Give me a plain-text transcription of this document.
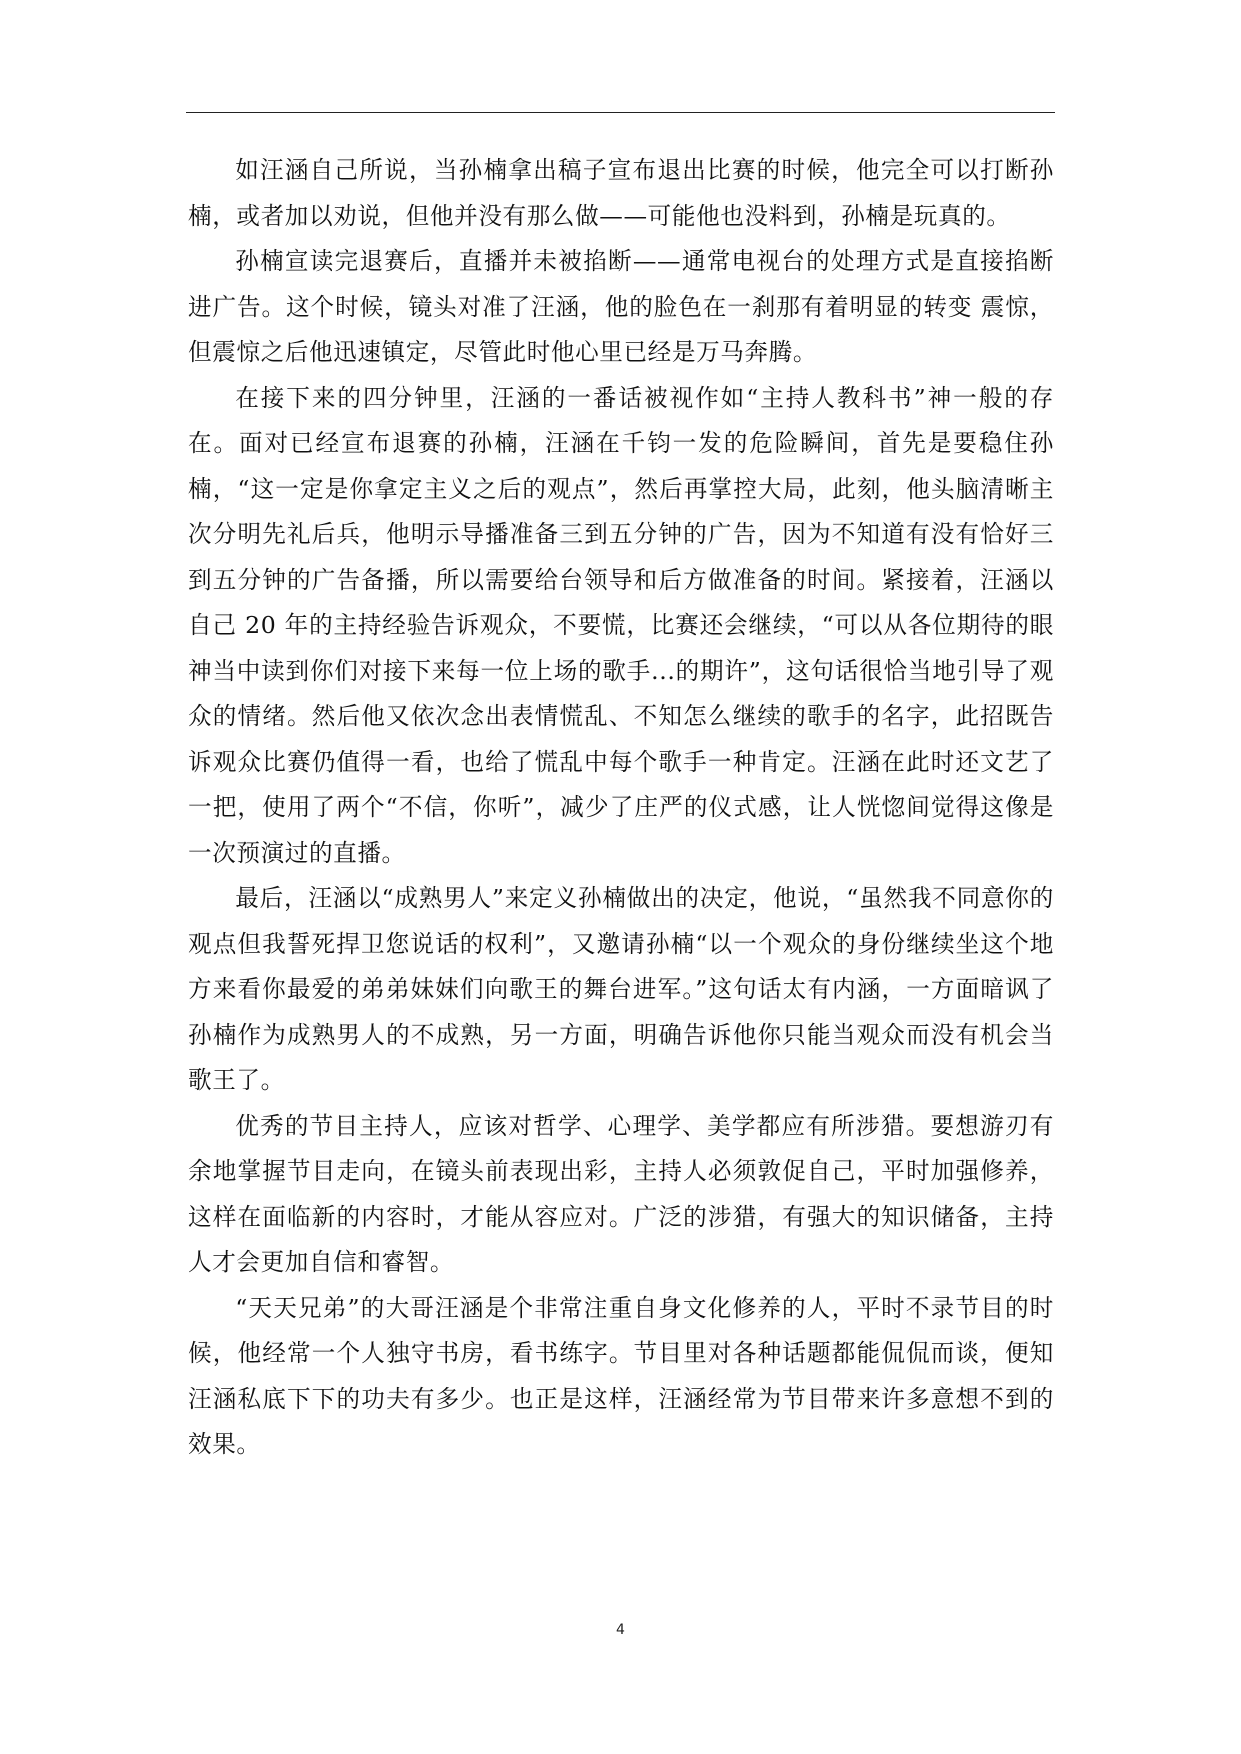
如汪涵自己所说，当孙楠拿出稿子宣布退出比赛的时候，他完全可以打断孙楠，或者加以劝说，但他并没有那么做——可能他也没料到，孙楠是玩真的。

孙楠宣读完退赛后，直播并未被掐断——通常电视台的处理方式是直接掐断进广告。这个时候，镜头对准了汪涵，他的脸色在一刹那有着明显的转变 震惊，但震惊之后他迅速镇定，尽管此时他心里已经是万马奔腾。

在接下来的四分钟里，汪涵的一番话被视作如“主持人教科书”神一般的存在。面对已经宣布退赛的孙楠，汪涵在千钧一发的危险瞬间，首先是要稳住孙楠，“这一定是你拿定主义之后的观点”，然后再掌控大局，此刻，他头脑清晰主次分明先礼后兵，他明示导播准备三到五分钟的广告，因为不知道有没有恰好三到五分钟的广告备播，所以需要给台领导和后方做准备的时间。紧接着，汪涵以自己 20 年的主持经验告诉观众，不要慌，比赛还会继续，“可以从各位期待的眼神当中读到你们对接下来每一位上场的歌手...的期许”，这句话很恰当地引导了观众的情绪。然后他又依次念出表情慌乱、不知怎么继续的歌手的名字，此招既告诉观众比赛仍值得一看，也给了慌乱中每个歌手一种肯定。汪涵在此时还文艺了一把，使用了两个“不信，你听”，减少了庄严的仪式感，让人恍惚间觉得这像是一次预演过的直播。

最后，汪涵以“成熟男人”来定义孙楠做出的决定，他说，“虽然我不同意你的观点但我誓死捍卫您说话的权利”，又邀请孙楠“以一个观众的身份继续坐这个地方来看你最爱的弟弟妹妹们向歌王的舞台进军。”这句话太有内涵，一方面暗讽了孙楠作为成熟男人的不成熟，另一方面，明确告诉他你只能当观众而没有机会当歌王了。

优秀的节目主持人，应该对哲学、心理学、美学都应有所涉猎。要想游刃有余地掌握节目走向，在镜头前表现出彩，主持人必须敦促自己，平时加强修养，这样在面临新的内容时，才能从容应对。广泛的涉猎，有强大的知识储备，主持人才会更加自信和睿智。

“天天兄弟”的大哥汪涵是个非常注重自身文化修养的人，平时不录节目的时候，他经常一个人独守书房，看书练字。节目里对各种话题都能侃侃而谈，便知汪涵私底下下的功夫有多少。也正是这样，汪涵经常为节目带来许多意想不到的效果。

4
